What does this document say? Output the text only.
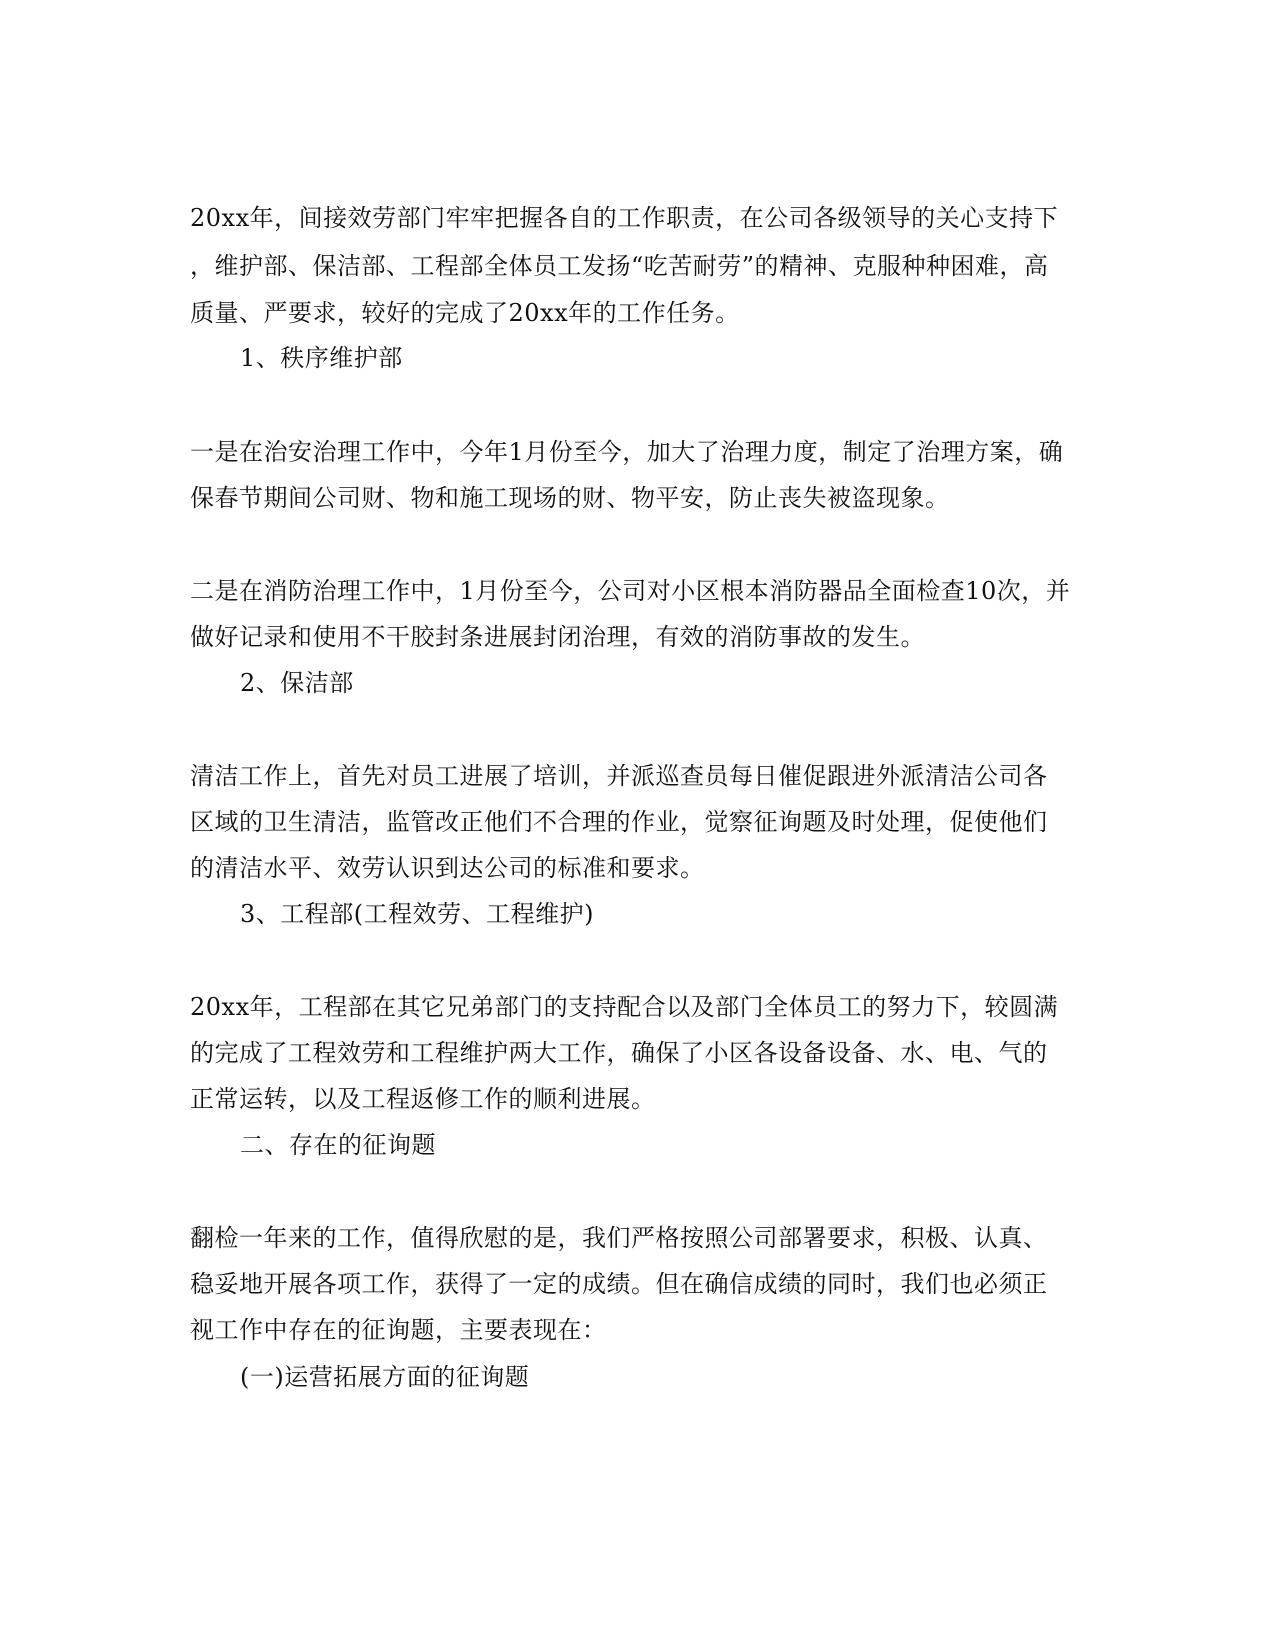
20xx年，间接效劳部门牢牢把握各自的工作职责，在公司各级领导的关心支持下
，维护部、保洁部、工程部全体员工发扬“吃苦耐劳”的精神、克服种种困难，高
质量、严要求，较好的完成了20xx年的工作任务。
1、秩序维护部
一是在治安治理工作中，今年1月份至今，加大了治理力度，制定了治理方案，确
保春节期间公司财、物和施工现场的财、物平安，防止丧失被盗现象。
二是在消防治理工作中，1月份至今，公司对小区根本消防器品全面检查10次，并
做好记录和使用不干胶封条进展封闭治理，有效的消防事故的发生。
2、保洁部
清洁工作上，首先对员工进展了培训，并派巡查员每日催促跟进外派清洁公司各
区域的卫生清洁，监管改正他们不合理的作业，觉察征询题及时处理，促使他们
的清洁水平、效劳认识到达公司的标准和要求。
3、工程部(工程效劳、工程维护)
20xx年，工程部在其它兄弟部门的支持配合以及部门全体员工的努力下，较圆满
的完成了工程效劳和工程维护两大工作，确保了小区各设备设备、水、电、气的
正常运转，以及工程返修工作的顺利进展。
二、存在的征询题
翻检一年来的工作，值得欣慰的是，我们严格按照公司部署要求，积极、认真、
稳妥地开展各项工作，获得了一定的成绩。但在确信成绩的同时，我们也必须正
视工作中存在的征询题，主要表现在：
(一)运营拓展方面的征询题
